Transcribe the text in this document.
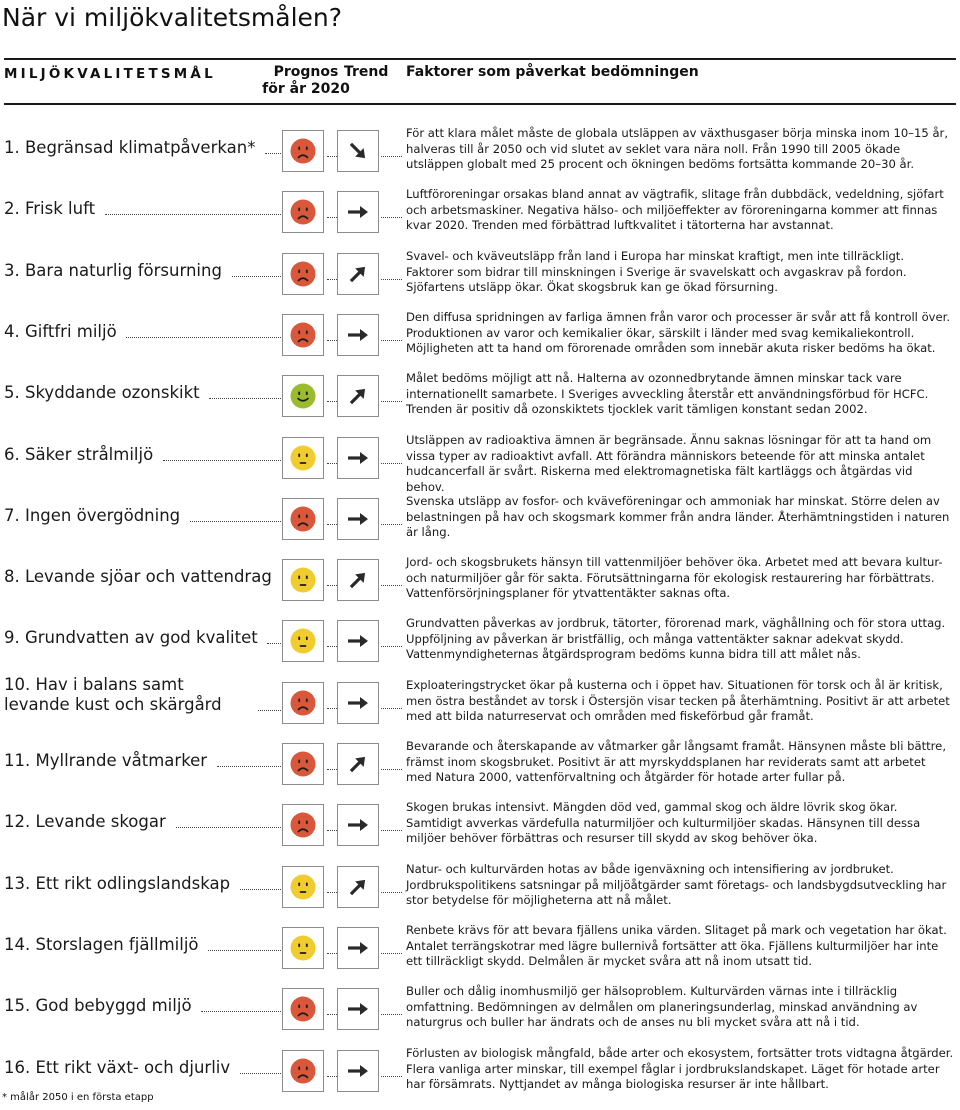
När vi miljökvalitetsmålen?
MILJÖKVALITETSMÅL	Prognos
för år 2020
Trend Faktorer som påverkat bedömningen
1. Begränsad klimatpåverkan*
För att klara målet måste de globala utsläppen av växthusgaser börja minska inom 10–15 år, halveras till år 2050 och vid slutet av seklet vara nära noll. Från 1990 till 2005 ökade utsläppen globalt med 25 procent och ökningen bedöms fortsätta kommande 20–30 år.
2. Frisk luft
Luftföroreningar orsakas bland annat av vägtrafik, slitage från dubbdäck, vedeldning, sjöfart och arbetsmaskiner. Negativa hälso- och miljöeffekter av föroreningarna kommer att finnas kvar 2020. Trenden med förbättrad luftkvalitet i tätorterna har avstannat.
3. Bara naturlig försurning
Svavel- och kväveutsläpp från land i Europa har minskat kraftigt, men inte tillräckligt. Faktorer som bidrar till minskningen i Sverige är svavelskatt och avgaskrav på fordon. Sjöfartens utsläpp ökar. Ökat skogsbruk kan ge ökad försurning.
4. Giftfri miljö
Den diffusa spridningen av farliga ämnen från varor och processer är svår att få kontroll över. Produktionen av varor och kemikalier ökar, särskilt i länder med svag kemikaliekontroll. Möjligheten att ta hand om förorenade områden som innebär akuta risker bedöms ha ökat.
5. Skyddande ozonskikt
Målet bedöms möjligt att nå. Halterna av ozonnedbrytande ämnen minskar tack vare internationellt samarbete. I Sveriges avveckling återstår ett användningsförbud för HCFC. Trenden är positiv då ozonskiktets tjocklek varit tämligen konstant sedan 2002.
6. Säker strålmiljö
Utsläppen av radioaktiva ämnen är begränsade. Ännu saknas lösningar för att ta hand om vissa typer av radioaktivt avfall. Att förändra människors beteende för att minska antalet hudcancerfall är svårt. Riskerna med elektromagnetiska fält kartläggs och åtgärdas vid behov.
7. Ingen övergödning
Svenska utsläpp av fosfor- och kväveföreningar och ammoniak har minskat. Större delen av belastningen på hav och skogsmark kommer från andra länder. Återhämtningstiden i naturen är lång.
8. Levande sjöar och vattendrag
Jord- och skogsbrukets hänsyn till vattenmiljöer behöver öka. Arbetet med att bevara kultur- och naturmiljöer går för sakta. Förutsättningarna för ekologisk restaurering har förbättrats. Vattenförsörjningsplaner för ytvattentäkter saknas ofta.
9. Grundvatten av god kvalitet
Grundvatten påverkas av jordbruk, tätorter, förorenad mark, väghållning och för stora uttag. Uppföljning av påverkan är bristfällig, och många vattentäkter saknar adekvat skydd. Vattenmyndigheternas åtgärdsprogram bedöms kunna bidra till att målet nås.
10. Hav i balans samt
levande kust och skärgård
Exploateringstrycket ökar på kusterna och i öppet hav. Situationen för torsk och ål är kritisk, men östra beståndet av torsk i Östersjön visar tecken på återhämtning. Positivt är att arbetet med att bilda naturreservat och områden med fiskeförbud går framåt.
11. Myllrande våtmarker
Bevarande och återskapande av våtmarker går långsamt framåt. Hänsynen måste bli bättre, främst inom skogsbruket. Positivt är att myrskyddsplanen har reviderats samt att arbetet med Natura 2000, vattenförvaltning och åtgärder för hotade arter fullar på.
12. Levande skogar
Skogen brukas intensivt. Mängden död ved, gammal skog och äldre lövrik skog ökar. Samtidigt avverkas värdefulla naturmiljöer och kulturmiljöer skadas. Hänsynen till dessa miljöer behöver förbättras och resurser till skydd av skog behöver öka.
13. Ett rikt odlingslandskap
Natur- och kulturvärden hotas av både igenväxning och intensifiering av jordbruket. Jordbrukspolitikens satsningar på miljöåtgärder samt företags- och landsbygdsutveckling har stor betydelse för möjligheterna att nå målet.
14. Storslagen fjällmiljö
Renbete krävs för att bevara fjällens unika värden. Slitaget på mark och vegetation har ökat. Antalet terrängskotrar med lägre bullernivå fortsätter att öka. Fjällens kulturmiljöer har inte ett tillräckligt skydd. Delmålen är mycket svåra att nå inom utsatt tid.
15. God bebyggd miljö
Buller och dålig inomhusmiljö ger hälsoproblem. Kulturvärden värnas inte i tillräcklig omfattning. Bedömningen av delmålen om planeringsunderlag, minskad användning av naturgrus och buller har ändrats och de anses nu bli mycket svåra att nå i tid.
16. Ett rikt växt- och djurliv
Förlusten av biologisk mångfald, både arter och ekosystem, fortsätter trots vidtagna åtgärder. Flera vanliga arter minskar, till exempel fåglar i jordbrukslandskapet. Läget för hotade arter har försämrats. Nyttjandet av många biologiska resurser är inte hållbart.
* målår 2050 i en första etapp
